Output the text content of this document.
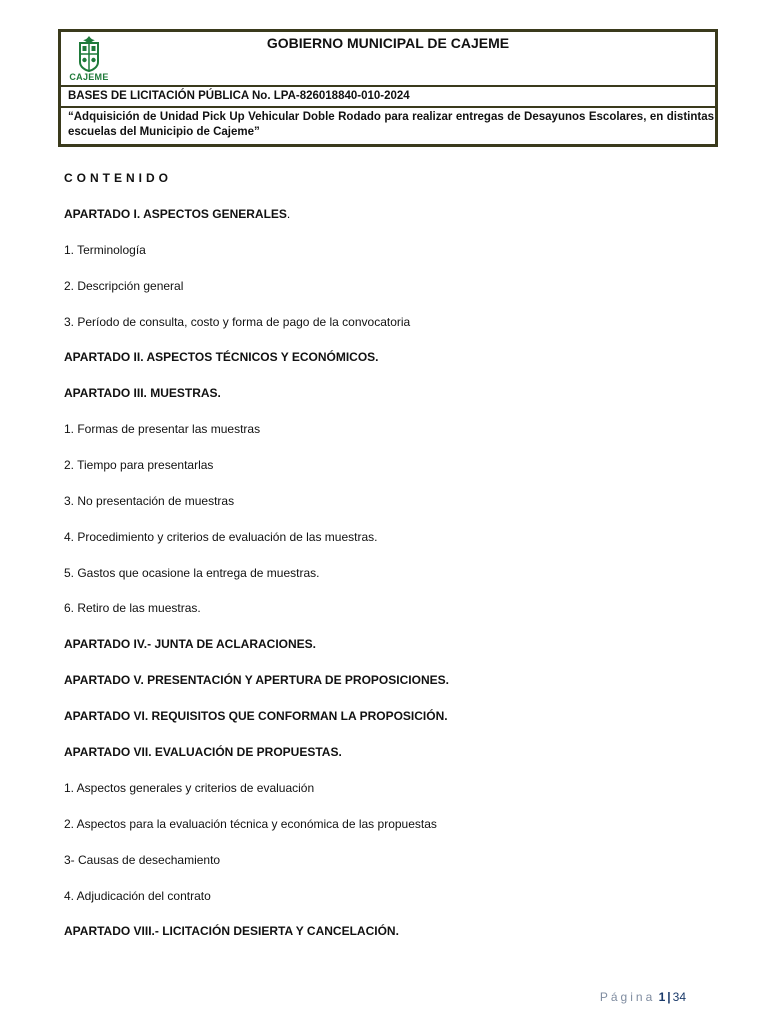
CAJEME
GOBIERNO MUNICIPAL DE CAJEME
BASES DE LICITACIÓN PÚBLICA No. LPA-826018840-010-2024
“Adquisición de Unidad Pick Up Vehicular Doble Rodado para realizar entregas de Desayunos Escolares, en distintas escuelas del Municipio de Cajeme”
CONTENIDO
APARTADO I. ASPECTOS GENERALES.
1. Terminología
2. Descripción general
3. Período de consulta, costo y forma de pago de la convocatoria
APARTADO II. ASPECTOS TÉCNICOS Y ECONÓMICOS.
APARTADO III. MUESTRAS.
1. Formas de presentar las muestras
2. Tiempo para presentarlas
3. No presentación de muestras
4. Procedimiento y criterios de evaluación de las muestras.
5. Gastos que ocasione la entrega de muestras.
6. Retiro de las muestras.
APARTADO IV.- JUNTA DE ACLARACIONES.
APARTADO V. PRESENTACIÓN Y APERTURA DE PROPOSICIONES.
APARTADO VI. REQUISITOS QUE CONFORMAN LA PROPOSICIÓN.
APARTADO VII. EVALUACIÓN DE PROPUESTAS.
1. Aspectos generales y criterios de evaluación
2. Aspectos para la evaluación técnica y económica de las propuestas
3- Causas de desechamiento
4. Adjudicación del contrato
APARTADO VIII.- LICITACIÓN DESIERTA Y CANCELACIÓN.
Página 1 | 34
